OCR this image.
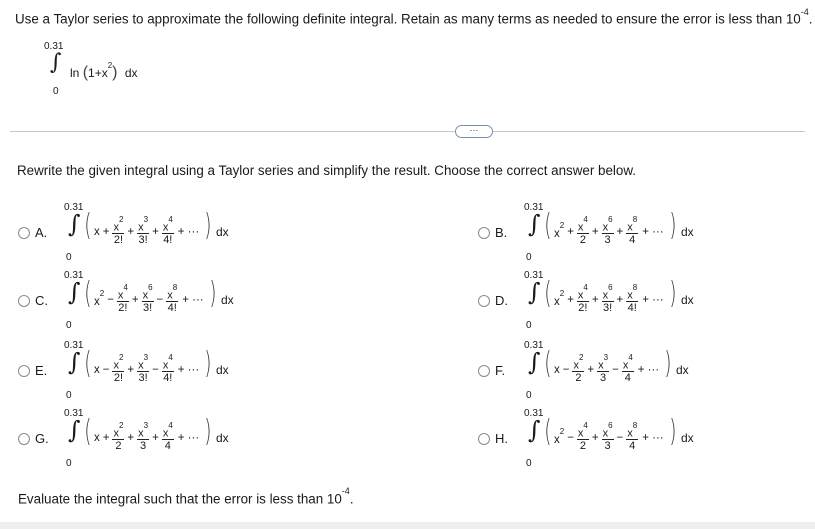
Use a Taylor series to approximate the following definite integral. Retain as many terms as needed to ensure the error is less than $10^{-4}$.
0.31
∫
0
$\ln (1+x^2)$ dx
···
Rewrite the given integral using a Taylor series and simplify the result. Choose the correct answer below.
A.
0.31
∫
0
( $x + \frac{x^2}{2!} + \frac{x^3}{3!} + \frac{x^4}{4!}$ + ··· ) dx	B.
0.31
∫
0
( $x^2$
+ $\frac{x^4}{2} + \frac{x^6}{3} + \frac{x^8}{4}$ + ··· ) dx
C.
0.31
∫
0
( $x^2$
− $\frac{x^4}{2!} + \frac{x^6}{3!} - \frac{x^8}{4!}$ + ··· ) dx	D.
0.31
∫
0
( $x^2$
+ $\frac{x^4}{2!} + \frac{x^6}{3!} + \frac{x^8}{4!}$ + ··· ) dx
E.
0.31
∫
0
( $x - \frac{x^2}{2!} + \frac{x^3}{3!} - \frac{x^4}{4!}$ + ··· ) dx	F.
0.31
∫
0
( $x - \frac{x^2}{2} + \frac{x^3}{3} - \frac{x^4}{4}$ + ··· ) dx
G.
0.31
∫
0
( $x + \frac{x^2}{2} + \frac{x^3}{3} + \frac{x^4}{4}$ + ··· ) dx	H.
0.31
∫
0
( $x^2$
− $\frac{x^4}{2} + \frac{x^6}{3} - \frac{x^8}{4}$ + ··· ) dx
Evaluate the integral such that the error is less than $10^{-4}$.
